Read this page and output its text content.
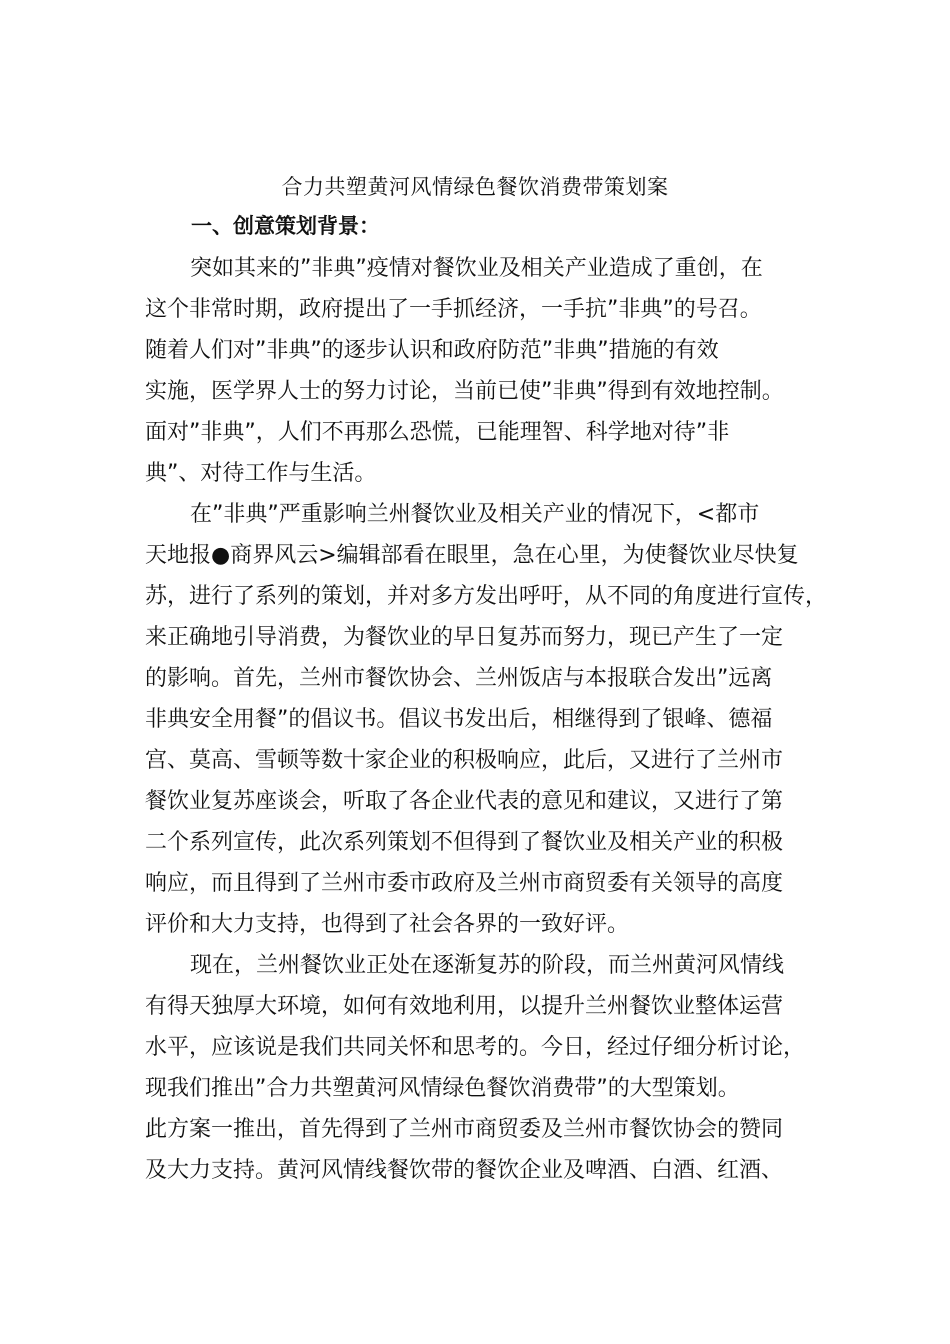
合力共塑黄河风情绿色餐饮消费带策划案
一、创意策划背景：
突如其来的”非典”疫情对餐饮业及相关产业造成了重创，在
这个非常时期，政府提出了一手抓经济，一手抗”非典”的号召。
随着人们对”非典”的逐步认识和政府防范”非典”措施的有效
实施，医学界人士的努力讨论，当前已使”非典”得到有效地控制。
面对”非典”，人们不再那么恐慌，已能理智、科学地对待”非
典”、对待工作与生活。
在”非典”严重影响兰州餐饮业及相关产业的情况下，<都市
天地报●商界风云>编辑部看在眼里，急在心里，为使餐饮业尽快复
苏，进行了系列的策划，并对多方发出呼吁，从不同的角度进行宣传，
来正确地引导消费，为餐饮业的早日复苏而努力，现已产生了一定
的影响。首先，兰州市餐饮协会、兰州饭店与本报联合发出”远离
非典安全用餐”的倡议书。倡议书发出后，相继得到了银峰、德福
宫、莫高、雪顿等数十家企业的积极响应，此后，又进行了兰州市
餐饮业复苏座谈会，听取了各企业代表的意见和建议，又进行了第
二个系列宣传，此次系列策划不但得到了餐饮业及相关产业的积极
响应，而且得到了兰州市委市政府及兰州市商贸委有关领导的高度
评价和大力支持，也得到了社会各界的一致好评。
现在，兰州餐饮业正处在逐渐复苏的阶段，而兰州黄河风情线
有得天独厚大环境，如何有效地利用，以提升兰州餐饮业整体运营
水平，应该说是我们共同关怀和思考的。今日，经过仔细分析讨论，
现我们推出”合力共塑黄河风情绿色餐饮消费带”的大型策划。
此方案一推出，首先得到了兰州市商贸委及兰州市餐饮协会的赞同
及大力支持。黄河风情线餐饮带的餐饮企业及啤酒、白酒、红酒、
